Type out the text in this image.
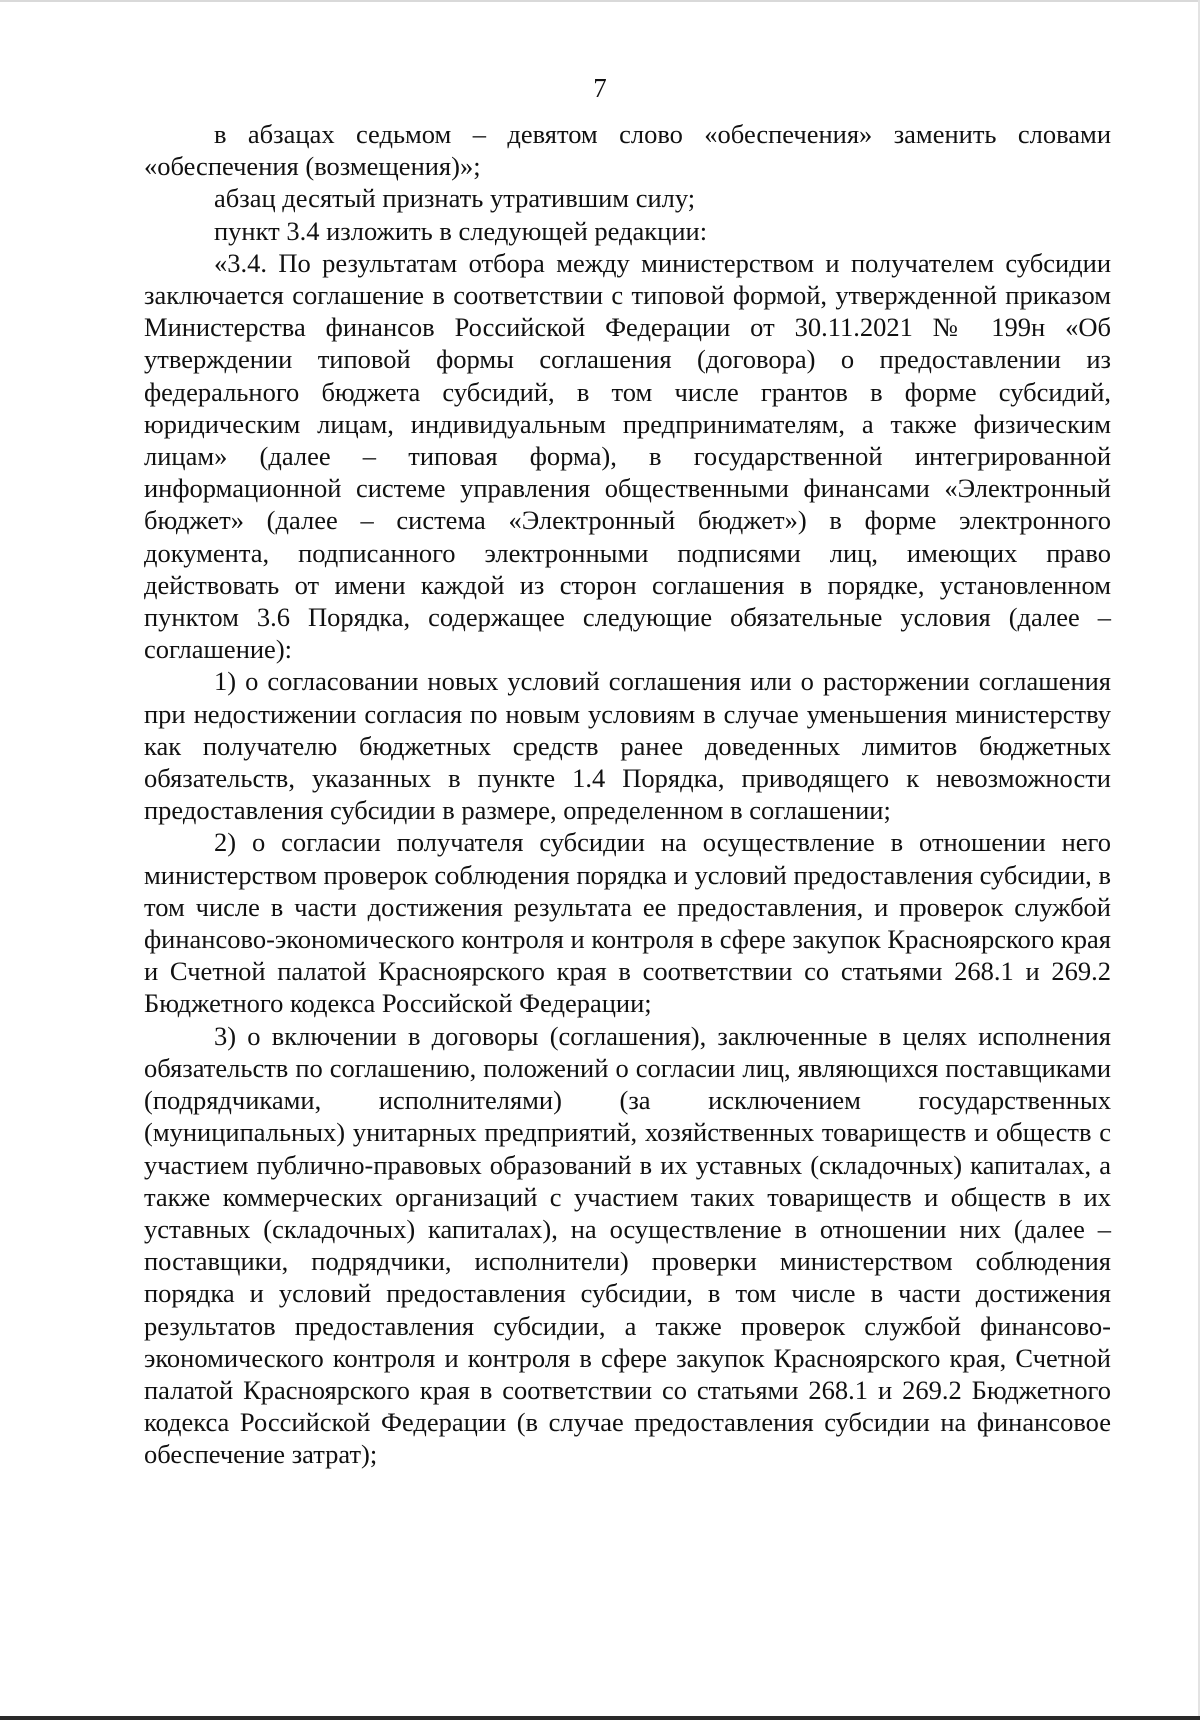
7

в абзацах седьмом – девятом слово «обеспечения» заменить словами «обеспечения (возмещения)»;

абзац десятый признать утратившим силу;

пункт 3.4 изложить в следующей редакции:

«3.4. По результатам отбора между министерством и получателем субсидии заключается соглашение в соответствии с типовой формой, утвержденной приказом Министерства финансов Российской Федерации от 30.11.2021 № 199н «Об утверждении типовой формы соглашения (договора) о предоставлении из федерального бюджета субсидий, в том числе грантов в форме субсидий, юридическим лицам, индивидуальным предпринимателям, а также физическим лицам» (далее – типовая форма), в государственной интегрированной информационной системе управления общественными финансами «Электронный бюджет» (далее – система «Электронный бюджет») в форме электронного документа, подписанного электронными подписями лиц, имеющих право действовать от имени каждой из сторон соглашения в порядке, установленном пунктом 3.6 Порядка, содержащее следующие обязательные условия (далее – соглашение):

1) о согласовании новых условий соглашения или о расторжении соглашения при недостижении согласия по новым условиям в случае уменьшения министерству как получателю бюджетных средств ранее доведенных лимитов бюджетных обязательств, указанных в пункте 1.4 Порядка, приводящего к невозможности предоставления субсидии в размере, определенном в соглашении;

2) о согласии получателя субсидии на осуществление в отношении него министерством проверок соблюдения порядка и условий предоставления субсидии, в том числе в части достижения результата ее предоставления, и проверок службой финансово-экономического контроля и контроля в сфере закупок Красноярского края и Счетной палатой Красноярского края в соответствии со статьями 268.1 и 269.2 Бюджетного кодекса Российской Федерации;

3) о включении в договоры (соглашения), заключенные в целях исполнения обязательств по соглашению, положений о согласии лиц, являющихся поставщиками (подрядчиками, исполнителями) (за исключением государственных (муниципальных) унитарных предприятий, хозяйственных товариществ и обществ с участием публично-правовых образований в их уставных (складочных) капиталах, а также коммерческих организаций с участием таких товариществ и обществ в их уставных (складочных) капиталах), на осуществление в отношении них (далее – поставщики, подрядчики, исполнители) проверки министерством соблюдения порядка и условий предоставления субсидии, в том числе в части достижения результатов предоставления субсидии, а также проверок службой финансово-экономического контроля и контроля в сфере закупок Красноярского края, Счетной палатой Красноярского края в соответствии со статьями 268.1 и 269.2 Бюджетного кодекса Российской Федерации (в случае предоставления субсидии на финансовое обеспечение затрат);
